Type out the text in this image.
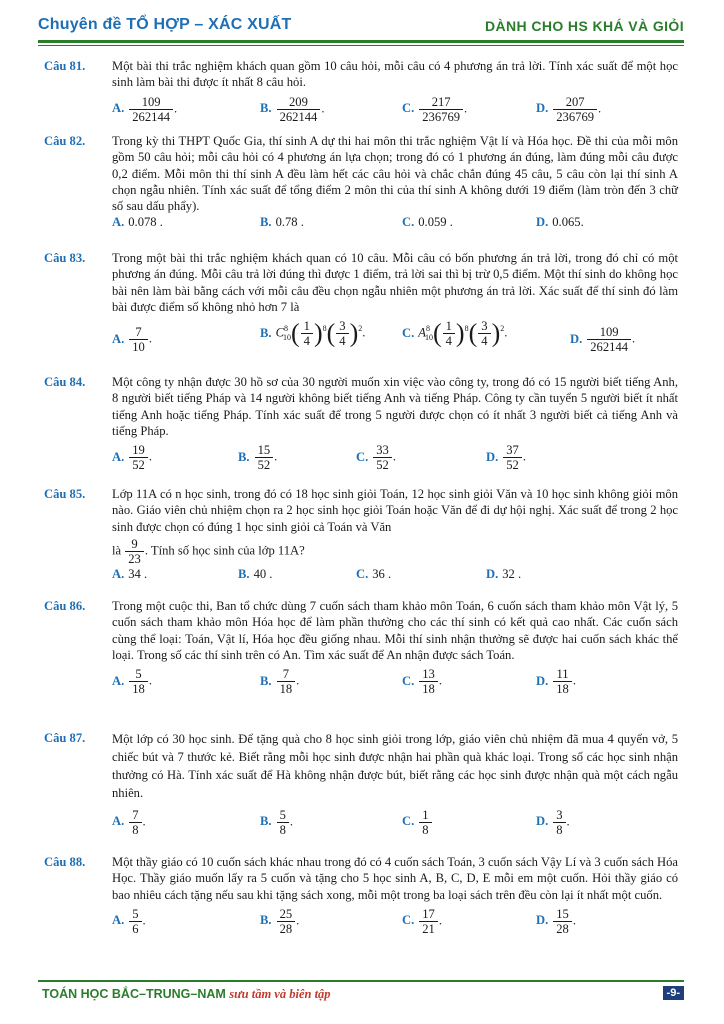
Chuyên đề TỔ HỢP – XÁC XUẤT	DÀNH CHO HS KHÁ VÀ GIỎI
Câu 81. Một bài thi trắc nghiệm khách quan gồm 10 câu hỏi, mỗi câu có 4 phương án trả lời. Tính xác suất để một học sinh làm bài thi được ít nhất 8 câu hỏi.
A. $\frac{109}{262144}$ .	B. $\frac{209}{262144}$ .	C. $\frac{217}{236769}$ .	D. $\frac{207}{236769}$ .
Câu 82. Trong kỳ thi THPT Quốc Gia, thí sinh A dự thi hai môn thi trắc nghiệm Vật lí và Hóa học. Đề thi của mỗi môn gồm 50 câu hỏi; mỗi câu hỏi có 4 phương án lựa chọn; trong đó có 1 phương án đúng, làm đúng mỗi câu được 0,2 điểm. Mỗi môn thi thí sinh A đều làm hết các câu hỏi và chắc chắn đúng 45 câu, 5 câu còn lại thí sinh A chọn ngẫu nhiên. Tính xác suất để tổng điểm 2 môn thi của thí sinh A không dưới 19 điểm (làm tròn đến 3 chữ số sau dấu phẩy).
A. 0.078 .	B. 0.78 .	C. 0.059 .	D. 0.065.
Câu 83. Trong một bài thi trắc nghiệm khách quan có 10 câu. Mỗi câu có bốn phương án trả lời, trong đó chỉ có một phương án đúng. Mỗi câu trả lời đúng thì được 1 điểm, trả lời sai thì bị trừ 0,5 điểm. Một thí sinh do không học bài nên làm bài bằng cách với mỗi câu đều chọn ngẫu nhiên một phương án trả lời. Xác suất để thí sinh đó làm bài được điểm số không nhỏ hơn 7 là
A. $\frac{7}{10}$ .	B. $C^8_{10}( \frac{1}{4} )^8( \frac{3}{4} )^2$.	C. $A^8_{10}( \frac{1}{4} )^8( \frac{3}{4} )^2$.	D. $\frac{109}{262144}$ .
Câu 84. Một công ty nhận được 30 hồ sơ của 30 người muốn xin việc vào công ty, trong đó có 15 người biết tiếng Anh, 8 người biết tiếng Pháp và 14 người không biết tiếng Anh và tiếng Pháp. Công ty cần tuyển 5 người biết ít nhất tiếng Anh hoặc tiếng Pháp. Tính xác suất để trong 5 người được chọn có ít nhất 3 người biết cả tiếng Anh và tiếng Pháp.
A. $\frac{19}{52}$ .	B. $\frac{15}{52}$ .	C. $\frac{33}{52}$ .	D. $\frac{37}{52}$ .
Câu 85. Lớp 11A có n học sinh, trong đó có 18 học sinh giỏi Toán, 12 học sinh giỏi Văn và 10 học sinh không giỏi môn nào. Giáo viên chủ nhiệm chọn ra 2 học sinh học giỏi Toán hoặc Văn để đi dự hội nghị. Xác suất để trong 2 học sinh được chọn có đúng 1 học sinh giỏi cả Toán và Văn
là $\frac{9}{23}$ . Tính số học sinh của lớp 11A?
A. 34 .	B. 40 .	C. 36 .	D. 32 .
Câu 86. Trong một cuộc thi, Ban tổ chức dùng 7 cuốn sách tham khảo môn Toán, 6 cuốn sách tham khảo môn Vật lý, 5 cuốn sách tham khảo môn Hóa học để làm phần thưởng cho các thí sinh có kết quả cao nhất. Các cuốn sách cùng thể loại: Toán, Vật lí, Hóa học đều giống nhau. Mỗi thí sinh nhận thưởng sẽ được hai cuốn sách khác thể loại. Trong số các thí sinh trên có An. Tìm xác suất để An nhận được sách Toán.
A. $\frac{5}{18}$ .	B. $\frac{7}{18}$ .	C. $\frac{13}{18}$ .	D. $\frac{11}{18}$ .
Câu 87. Một lớp có 30 học sinh. Để tặng quà cho 8 học sinh giỏi trong lớp, giáo viên chủ nhiệm đã mua 4 quyển vở, 5 chiếc bút và 7 thước kẻ. Biết rằng mỗi học sinh được nhận hai phần quà khác loại. Trong số các học sinh nhận thưởng có Hà. Tính xác suất để Hà không nhận được bút, biết rằng các học sinh được nhận quà một cách ngẫu nhiên.
A. $\frac{7}{8}$ .	B. $\frac{5}{8}$ .	C. $\frac{1}{8}$	D. $\frac{3}{8}$ .
Câu 88. Một thầy giáo có 10 cuốn sách khác nhau trong đó có 4 cuốn sách Toán, 3 cuốn sách Vậy Lí và 3 cuốn sách Hóa Học. Thầy giáo muốn lấy ra 5 cuốn và tặng cho 5 học sinh A, B, C, D, E mỗi em một cuốn. Hỏi thầy giáo có bao nhiêu cách tặng nếu sau khi tặng sách xong, mỗi một trong ba loại sách trên đều còn lại ít nhất một cuốn.
A. $\frac{5}{6}$ .	B. $\frac{25}{28}$ .	C. $\frac{17}{21}$ .	D. $\frac{15}{28}$ .
TOÁN HỌC BẮC–TRUNG–NAM sưu tầm và biên tập	-9-
